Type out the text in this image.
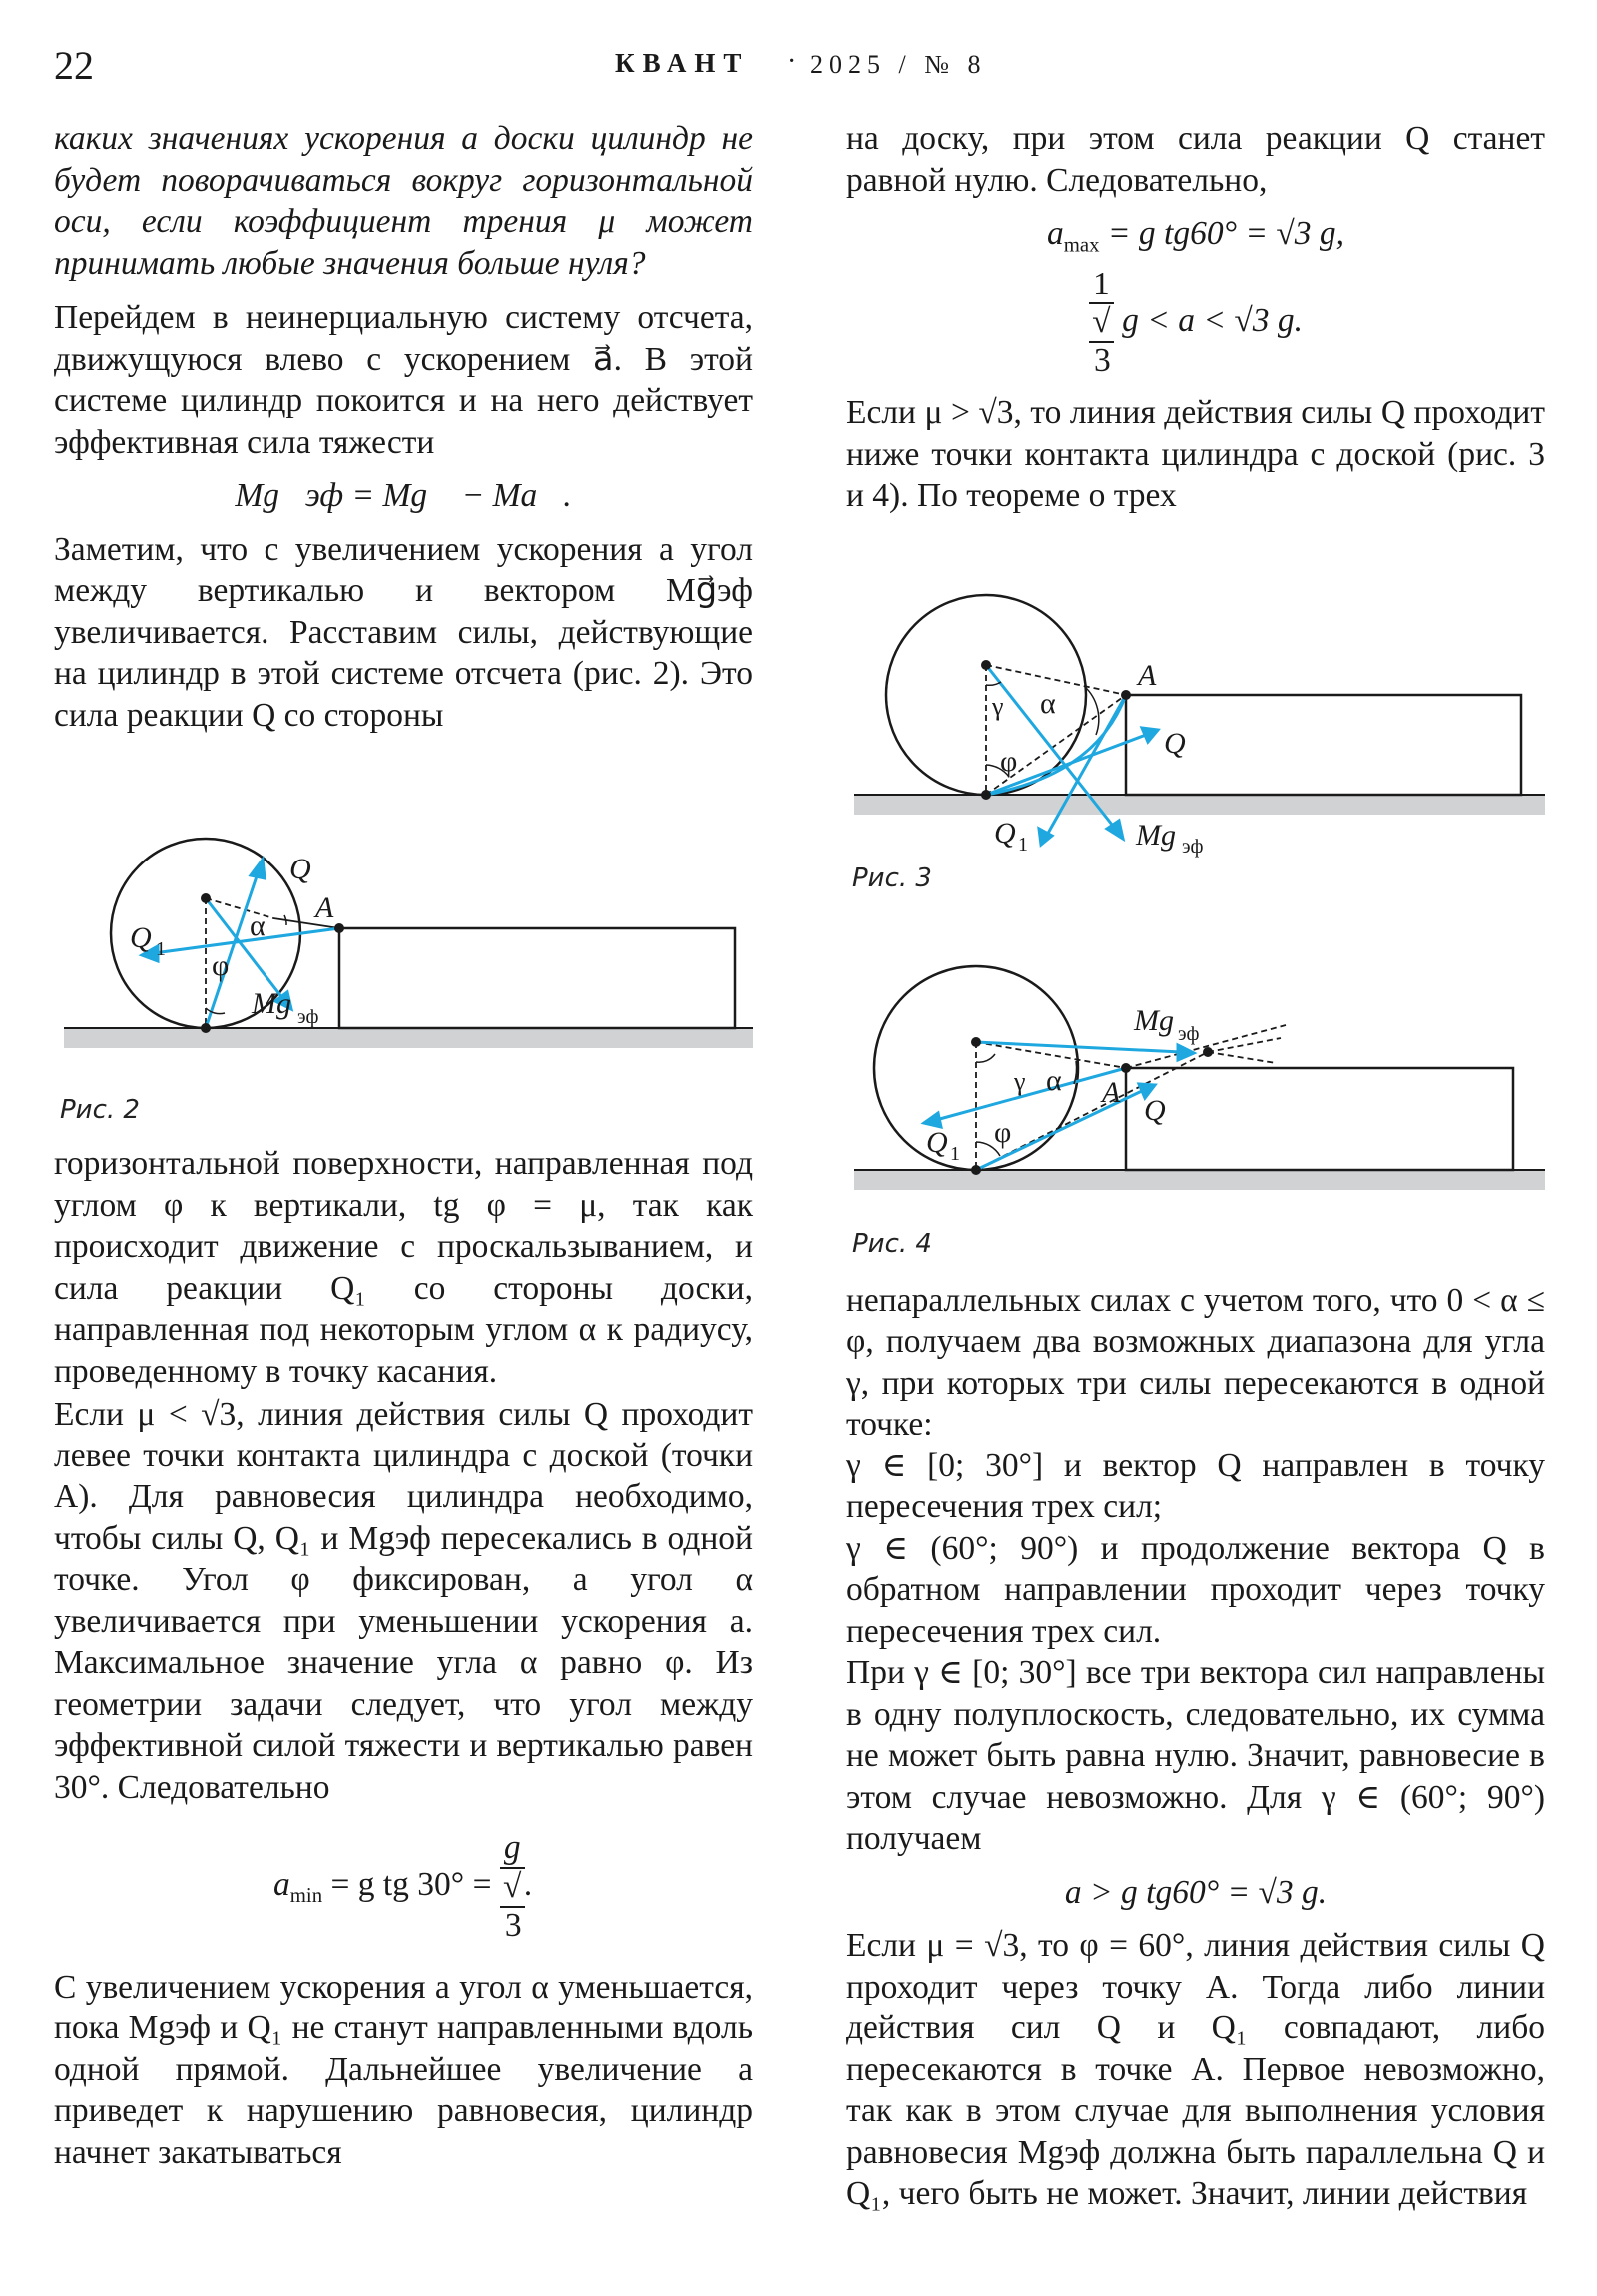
22	КВАНТ · 2025 / № 8

каких значениях ускорения a доски цилиндр не будет поворачиваться вокруг горизонтальной оси, если коэффициент трения μ может принимать любые значения больше нуля?

Перейдем в неинерциальную систему отсчета, движущуюся влево с ускорением a⃗. В этой системе цилиндр покоится и на него действует эффективная сила тяжести

Mg⃗эф = Mg⃗ − Ma⃗.

Заметим, что с увеличением ускорения a угол между вертикалью и вектором Mg⃗эф увеличивается. Расставим силы, действующие на цилиндр в этой системе отсчета (рис. 2). Это сила реакции Q со стороны

Q
A
Q 1
α
φ
Mg эф
Рис. 2

горизонтальной поверхности, направленная под углом φ к вертикали, tg φ = μ, так как происходит движение с проскальзыванием, и сила реакции Q₁ со стороны доски, направленная под некоторым углом α к радиусу, проведенному в точку касания.

Если μ < √3, линия действия силы Q проходит левее точки контакта цилиндра с доской (точки A). Для равновесия цилиндра необходимо, чтобы силы Q, Q₁ и Mgэф пересекались в одной точке. Угол φ фиксирован, а угол α увеличивается при уменьшении ускорения a. Максимальное значение угла α равно φ. Из геометрии задачи следует, что угол между эффективной силой тяжести и вертикалью равен 30°. Следовательно

$a_{min} = g$ tg 30° = g
√
3 .

С увеличением ускорения a угол α уменьшается, пока Mgэф и Q₁ не станут направленными вдоль одной прямой. Дальнейшее увеличение a приведет к нарушению равновесия, цилиндр начнет закатываться

на доску, при этом сила реакции Q станет равной нулю. Следовательно,

$a_{max} = g$ tg60° = √3 g,
1
√
3 g < a < √3 g.

Если μ > √3, то линия действия силы Q проходит ниже точки контакта цилиндра с доской (рис. 3 и 4). По теореме о трех

A
α
γ
φ
Q
Q 1	Mg эф
Рис. 3
Mg эф
γ α A
Q
Q 1
φ
Рис. 4

непараллельных силах с учетом того, что 0 < α ≤ φ, получаем два возможных диапазона для угла γ, при которых три силы пересекаются в одной точке:

γ ∈ [0; 30°] и вектор Q направлен в точку пересечения трех сил;

γ ∈ (60°; 90°) и продолжение вектора Q в обратном направлении проходит через точку пересечения трех сил.

При γ ∈ [0; 30°] все три вектора сил направлены в одну полуплоскость, следовательно, их сумма не может быть равна нулю. Значит, равновесие в этом случае невозможно. Для γ ∈ (60°; 90°) получаем

a > g tg60° = √3 g.

Если μ = √3, то φ = 60°, линия действия силы Q проходит через точку A. Тогда либо линии действия сил Q и Q₁ совпадают, либо пересекаются в точке A. Первое невозможно, так как в этом случае для выполнения условия равновесия Mgэф должна быть параллельна Q и Q₁, чего быть не может. Значит, линии действия
